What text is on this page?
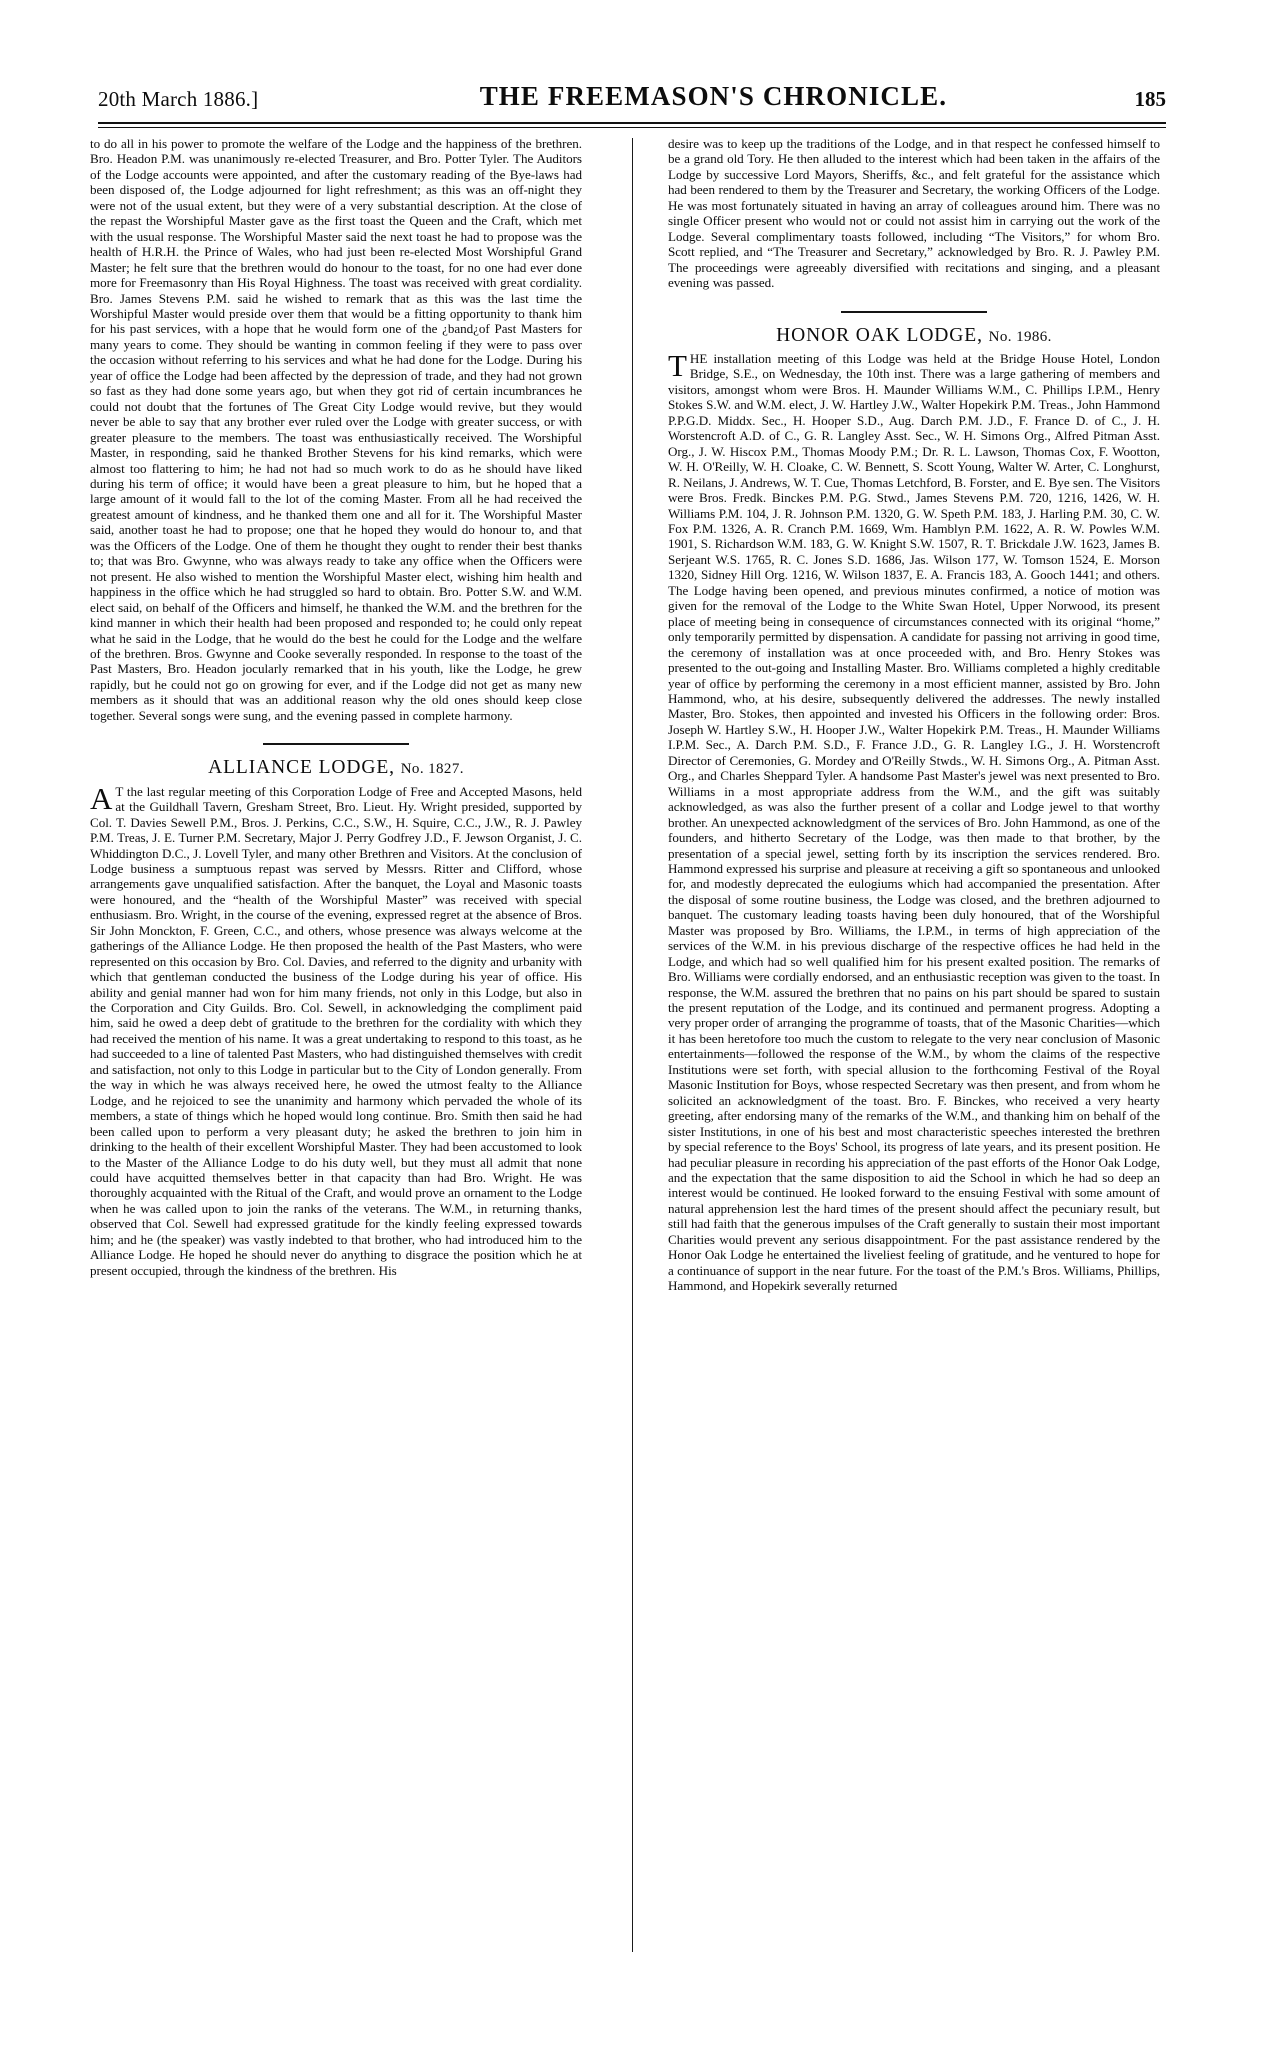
20th March 1886.]	THE FREEMASON'S CHRONICLE.	185

to do all in his power to promote the welfare of the Lodge and the happiness of the brethren. Bro. Headon P.M. was unanimously re-elected Treasurer, and Bro. Potter Tyler. The Auditors of the Lodge accounts were appointed, and after the customary reading of the Bye-laws had been disposed of, the Lodge adjourned for light refreshment; as this was an off-night they were not of the usual extent, but they were of a very substantial description. At the close of the repast the Worshipful Master gave as the first toast the Queen and the Craft, which met with the usual response. The Worshipful Master said the next toast he had to propose was the health of H.R.H. the Prince of Wales, who had just been re-elected Most Worshipful Grand Master; he felt sure that the brethren would do honour to the toast, for no one had ever done more for Freemasonry than His Royal Highness. The toast was received with great cordiality. Bro. James Stevens P.M. said he wished to remark that as this was the last time the Worshipful Master would preside over them that would be a fitting opportunity to thank him for his past services, with a hope that he would form one of the ¿band¿of Past Masters for many years to come. They should be wanting in common feeling if they were to pass over the occasion without referring to his services and what he had done for the Lodge. During his year of office the Lodge had been affected by the depression of trade, and they had not grown so fast as they had done some years ago, but when they got rid of certain incumbrances he could not doubt that the fortunes of The Great City Lodge would revive, but they would never be able to say that any brother ever ruled over the Lodge with greater success, or with greater pleasure to the members. The toast was enthusiastically received. The Worshipful Master, in responding, said he thanked Brother Stevens for his kind remarks, which were almost too flattering to him; he had not had so much work to do as he should have liked during his term of office; it would have been a great pleasure to him, but he hoped that a large amount of it would fall to the lot of the coming Master. From all he had received the greatest amount of kindness, and he thanked them one and all for it. The Worshipful Master said, another toast he had to propose; one that he hoped they would do honour to, and that was the Officers of the Lodge. One of them he thought they ought to render their best thanks to; that was Bro. Gwynne, who was always ready to take any office when the Officers were not present. He also wished to mention the Worshipful Master elect, wishing him health and happiness in the office which he had struggled so hard to obtain. Bro. Potter S.W. and W.M. elect said, on behalf of the Officers and himself, he thanked the W.M. and the brethren for the kind manner in which their health had been proposed and responded to; he could only repeat what he said in the Lodge, that he would do the best he could for the Lodge and the welfare of the brethren. Bros. Gwynne and Cooke severally responded. In response to the toast of the Past Masters, Bro. Headon jocularly remarked that in his youth, like the Lodge, he grew rapidly, but he could not go on growing for ever, and if the Lodge did not get as many new members as it should that was an additional reason why the old ones should keep close together. Several songs were sung, and the evening passed in complete harmony.

ALLIANCE LODGE, No. 1827.

AT the last regular meeting of this Corporation Lodge of Free and Accepted Masons, held at the Guildhall Tavern, Gresham Street, Bro. Lieut. Hy. Wright presided, supported by Col. T. Davies Sewell P.M., Bros. J. Perkins, C.C., S.W., H. Squire, C.C., J.W., R. J. Pawley P.M. Treas, J. E. Turner P.M. Secretary, Major J. Perry Godfrey J.D., F. Jewson Organist, J. C. Whiddington D.C., J. Lovell Tyler, and many other Brethren and Visitors. At the conclusion of Lodge business a sumptuous repast was served by Messrs. Ritter and Clifford, whose arrangements gave unqualified satisfaction. After the banquet, the Loyal and Masonic toasts were honoured, and the “health of the Worshipful Master” was received with special enthusiasm. Bro. Wright, in the course of the evening, expressed regret at the absence of Bros. Sir John Monckton, F. Green, C.C., and others, whose presence was always welcome at the gatherings of the Alliance Lodge. He then proposed the health of the Past Masters, who were represented on this occasion by Bro. Col. Davies, and referred to the dignity and urbanity with which that gentleman conducted the business of the Lodge during his year of office. His ability and genial manner had won for him many friends, not only in this Lodge, but also in the Corporation and City Guilds. Bro. Col. Sewell, in acknowledging the compliment paid him, said he owed a deep debt of gratitude to the brethren for the cordiality with which they had received the mention of his name. It was a great undertaking to respond to this toast, as he had succeeded to a line of talented Past Masters, who had distinguished themselves with credit and satisfaction, not only to this Lodge in particular but to the City of London generally. From the way in which he was always received here, he owed the utmost fealty to the Alliance Lodge, and he rejoiced to see the unanimity and harmony which pervaded the whole of its members, a state of things which he hoped would long continue. Bro. Smith then said he had been called upon to perform a very pleasant duty; he asked the brethren to join him in drinking to the health of their excellent Worshipful Master. They had been accustomed to look to the Master of the Alliance Lodge to do his duty well, but they must all admit that none could have acquitted themselves better in that capacity than had Bro. Wright. He was thoroughly acquainted with the Ritual of the Craft, and would prove an ornament to the Lodge when he was called upon to join the ranks of the veterans. The W.M., in returning thanks, observed that Col. Sewell had expressed gratitude for the kindly feeling expressed towards him; and he (the speaker) was vastly indebted to that brother, who had introduced him to the Alliance Lodge. He hoped he should never do anything to disgrace the position which he at present occupied, through the kindness of the brethren. His

desire was to keep up the traditions of the Lodge, and in that respect he confessed himself to be a grand old Tory. He then alluded to the interest which had been taken in the affairs of the Lodge by successive Lord Mayors, Sheriffs, &c., and felt grateful for the assistance which had been rendered to them by the Treasurer and Secretary, the working Officers of the Lodge. He was most fortunately situated in having an array of colleagues around him. There was no single Officer present who would not or could not assist him in carrying out the work of the Lodge. Several complimentary toasts followed, including “The Visitors,” for whom Bro. Scott replied, and “The Treasurer and Secretary,” acknowledged by Bro. R. J. Pawley P.M. The proceedings were agreeably diversified with recitations and singing, and a pleasant evening was passed.

HONOR OAK LODGE, No. 1986.

THE installation meeting of this Lodge was held at the Bridge House Hotel, London Bridge, S.E., on Wednesday, the 10th inst. There was a large gathering of members and visitors, amongst whom were Bros. H. Maunder Williams W.M., C. Phillips I.P.M., Henry Stokes S.W. and W.M. elect, J. W. Hartley J.W., Walter Hopekirk P.M. Treas., John Hammond P.P.G.D. Middx. Sec., H. Hooper S.D., Aug. Darch P.M. J.D., F. France D. of C., J. H. Worstencroft A.D. of C., G. R. Langley Asst. Sec., W. H. Simons Org., Alfred Pitman Asst. Org., J. W. Hiscox P.M., Thomas Moody P.M.; Dr. R. L. Lawson, Thomas Cox, F. Wootton, W. H. O'Reilly, W. H. Cloake, C. W. Bennett, S. Scott Young, Walter W. Arter, C. Longhurst, R. Neilans, J. Andrews, W. T. Cue, Thomas Letchford, B. Forster, and E. Bye sen. The Visitors were Bros. Fredk. Binckes P.M. P.G. Stwd., James Stevens P.M. 720, 1216, 1426, W. H. Williams P.M. 104, J. R. Johnson P.M. 1320, G. W. Speth P.M. 183, J. Harling P.M. 30, C. W. Fox P.M. 1326, A. R. Cranch P.M. 1669, Wm. Hamblyn P.M. 1622, A. R. W. Powles W.M. 1901, S. Richardson W.M. 183, G. W. Knight S.W. 1507, R. T. Brickdale J.W. 1623, James B. Serjeant W.S. 1765, R. C. Jones S.D. 1686, Jas. Wilson 177, W. Tomson 1524, E. Morson 1320, Sidney Hill Org. 1216, W. Wilson 1837, E. A. Francis 183, A. Gooch 1441; and others. The Lodge having been opened, and previous minutes confirmed, a notice of motion was given for the removal of the Lodge to the White Swan Hotel, Upper Norwood, its present place of meeting being in consequence of circumstances connected with its original “home,” only temporarily permitted by dispensation. A candidate for passing not arriving in good time, the ceremony of installation was at once proceeded with, and Bro. Henry Stokes was presented to the out-going and Installing Master. Bro. Williams completed a highly creditable year of office by performing the ceremony in a most efficient manner, assisted by Bro. John Hammond, who, at his desire, subsequently delivered the addresses. The newly installed Master, Bro. Stokes, then appointed and invested his Officers in the following order: Bros. Joseph W. Hartley S.W., H. Hooper J.W., Walter Hopekirk P.M. Treas., H. Maunder Williams I.P.M. Sec., A. Darch P.M. S.D., F. France J.D., G. R. Langley I.G., J. H. Worstencroft Director of Ceremonies, G. Mordey and O'Reilly Stwds., W. H. Simons Org., A. Pitman Asst. Org., and Charles Sheppard Tyler. A handsome Past Master's jewel was next presented to Bro. Williams in a most appropriate address from the W.M., and the gift was suitably acknowledged, as was also the further present of a collar and Lodge jewel to that worthy brother. An unexpected acknowledgment of the services of Bro. John Hammond, as one of the founders, and hitherto Secretary of the Lodge, was then made to that brother, by the presentation of a special jewel, setting forth by its inscription the services rendered. Bro. Hammond expressed his surprise and pleasure at receiving a gift so spontaneous and unlooked for, and modestly deprecated the eulogiums which had accompanied the presentation. After the disposal of some routine business, the Lodge was closed, and the brethren adjourned to banquet. The customary leading toasts having been duly honoured, that of the Worshipful Master was proposed by Bro. Williams, the I.P.M., in terms of high appreciation of the services of the W.M. in his previous discharge of the respective offices he had held in the Lodge, and which had so well qualified him for his present exalted position. The remarks of Bro. Williams were cordially endorsed, and an enthusiastic reception was given to the toast. In response, the W.M. assured the brethren that no pains on his part should be spared to sustain the present reputation of the Lodge, and its continued and permanent progress. Adopting a very proper order of arranging the programme of toasts, that of the Masonic Charities—which it has been heretofore too much the custom to relegate to the very near conclusion of Masonic entertainments—followed the response of the W.M., by whom the claims of the respective Institutions were set forth, with special allusion to the forthcoming Festival of the Royal Masonic Institution for Boys, whose respected Secretary was then present, and from whom he solicited an acknowledgment of the toast. Bro. F. Binckes, who received a very hearty greeting, after endorsing many of the remarks of the W.M., and thanking him on behalf of the sister Institutions, in one of his best and most characteristic speeches interested the brethren by special reference to the Boys' School, its progress of late years, and its present position. He had peculiar pleasure in recording his appreciation of the past efforts of the Honor Oak Lodge, and the expectation that the same disposition to aid the School in which he had so deep an interest would be continued. He looked forward to the ensuing Festival with some amount of natural apprehension lest the hard times of the present should affect the pecuniary result, but still had faith that the generous impulses of the Craft generally to sustain their most important Charities would prevent any serious disappointment. For the past assistance rendered by the Honor Oak Lodge he entertained the liveliest feeling of gratitude, and he ventured to hope for a continuance of support in the near future. For the toast of the P.M.'s Bros. Williams, Phillips, Hammond, and Hopekirk severally returned
